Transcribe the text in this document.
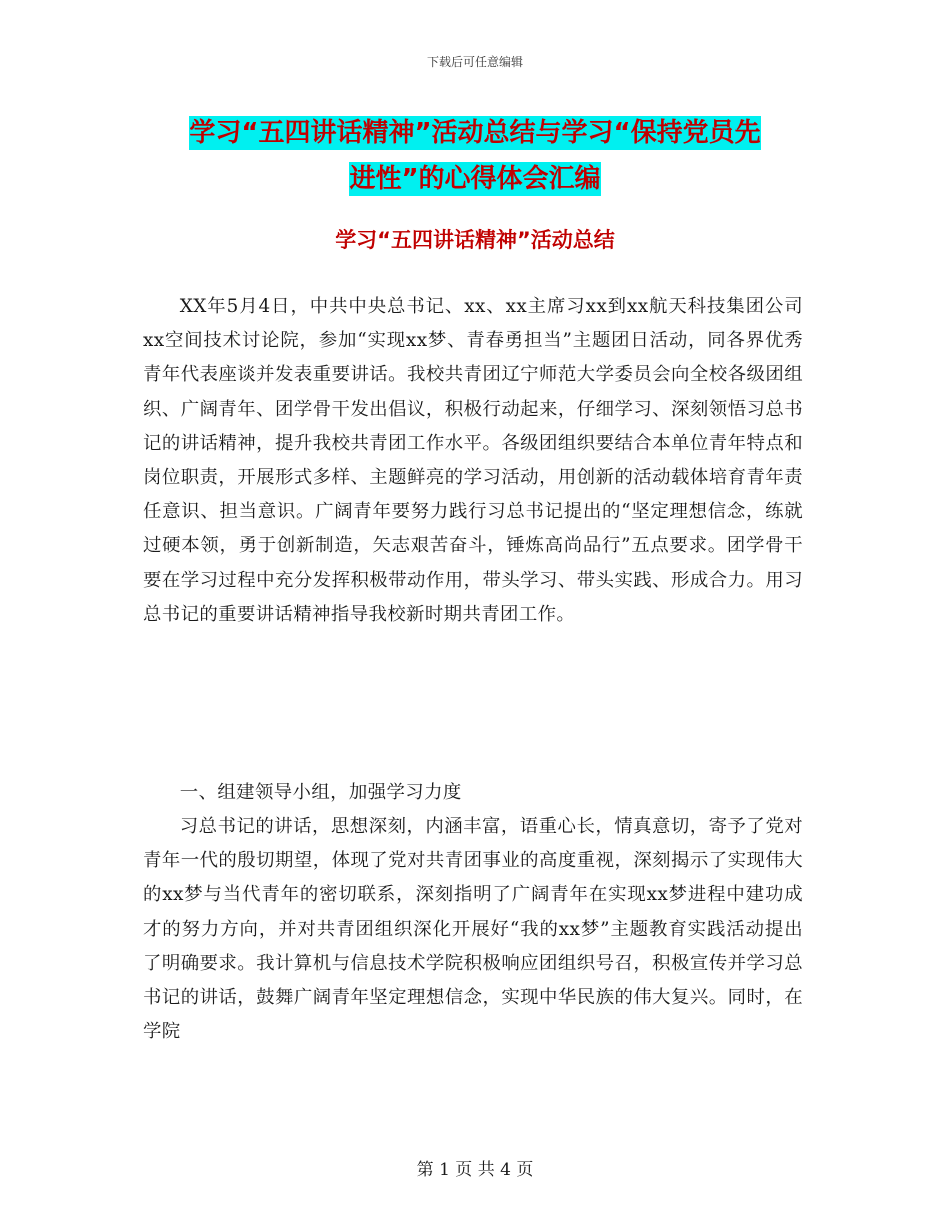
下载后可任意编辑
学习“五四讲话精神”活动总结与学习“保持党员先
进性”的心得体会汇编
学习“五四讲话精神”活动总结

XX年5月4日，中共中央总书记、xx、xx主席习xx到xx航天科技集团公司xx空间技术讨论院，参加“实现xx梦、青春勇担当”主题团日活动，同各界优秀青年代表座谈并发表重要讲话。我校共青团辽宁师范大学委员会向全校各级团组织、广阔青年、团学骨干发出倡议，积极行动起来，仔细学习、深刻领悟习总书记的讲话精神，提升我校共青团工作水平。各级团组织要结合本单位青年特点和岗位职责，开展形式多样、主题鲜亮的学习活动，用创新的活动载体培育青年责任意识、担当意识。广阔青年要努力践行习总书记提出的“坚定理想信念，练就过硬本领，勇于创新制造，矢志艰苦奋斗，锤炼高尚品行”五点要求。团学骨干要在学习过程中充分发挥积极带动作用，带头学习、带头实践、形成合力。用习总书记的重要讲话精神指导我校新时期共青团工作。

一、组建领导小组，加强学习力度

习总书记的讲话，思想深刻，内涵丰富，语重心长，情真意切，寄予了党对青年一代的殷切期望，体现了党对共青团事业的高度重视，深刻揭示了实现伟大的xx梦与当代青年的密切联系，深刻指明了广阔青年在实现xx梦进程中建功成才的努力方向，并对共青团组织深化开展好“我的xx梦”主题教育实践活动提出了明确要求。我计算机与信息技术学院积极响应团组织号召，积极宣传并学习总书记的讲话，鼓舞广阔青年坚定理想信念，实现中华民族的伟大复兴。同时，在学院

第 1 页 共 4 页
